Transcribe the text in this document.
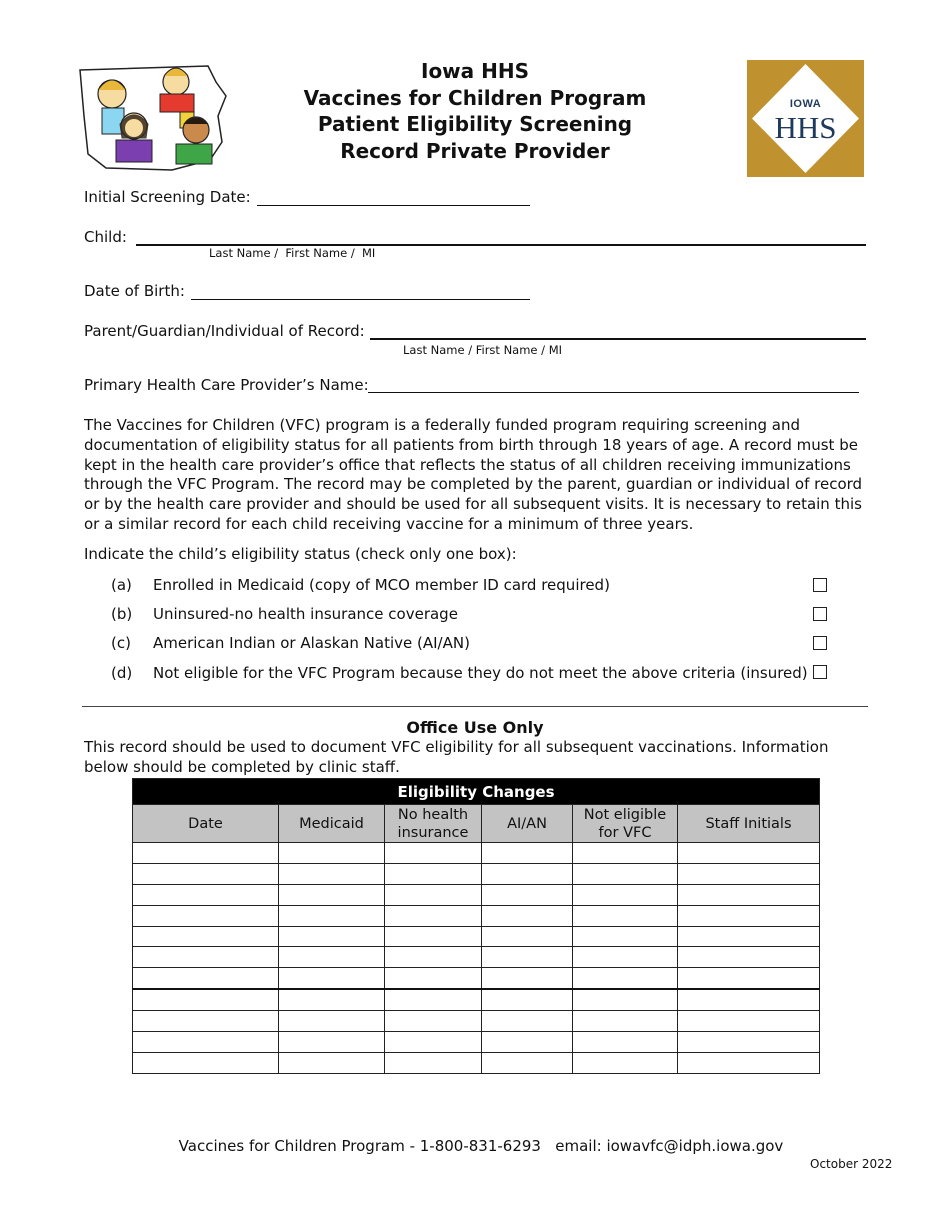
Iowa HHS
Vaccines for Children Program
Patient Eligibility Screening
Record Private Provider
IOWA
HHS
Initial Screening Date:
Child:
Last Name /  First Name /  MI
Date of Birth:
Parent/Guardian/Individual of Record:
Last Name / First Name / MI
Primary Health Care Provider’s Name:
The Vaccines for Children (VFC) program is a federally funded program requiring screening and documentation of eligibility status for all patients from birth through 18 years of age. A record must be kept in the health care provider’s office that reflects the status of all children receiving immunizations through the VFC Program. The record may be completed by the parent, guardian or individual of record or by the health care provider and should be used for all subsequent visits. It is necessary to retain this or a similar record for each child receiving vaccine for a minimum of three years.
Indicate the child’s eligibility status (check only one box):
(a) Enrolled in Medicaid (copy of MCO member ID card required)
(b) Uninsured-no health insurance coverage
(c) American Indian or Alaskan Native (AI/AN)
(d) Not eligible for the VFC Program because they do not meet the above criteria (insured)
Office Use Only
This record should be used to document VFC eligibility for all subsequent vaccinations. Information below should be completed by clinic staff.
Eligibility Changes					
Date	Medicaid	No health insurance	AI/AN	Not eligible for VFC	Staff Initials

Vaccines for Children Program - 1-800-831-6293   email: iowavfc@idph.iowa.gov
October 2022
